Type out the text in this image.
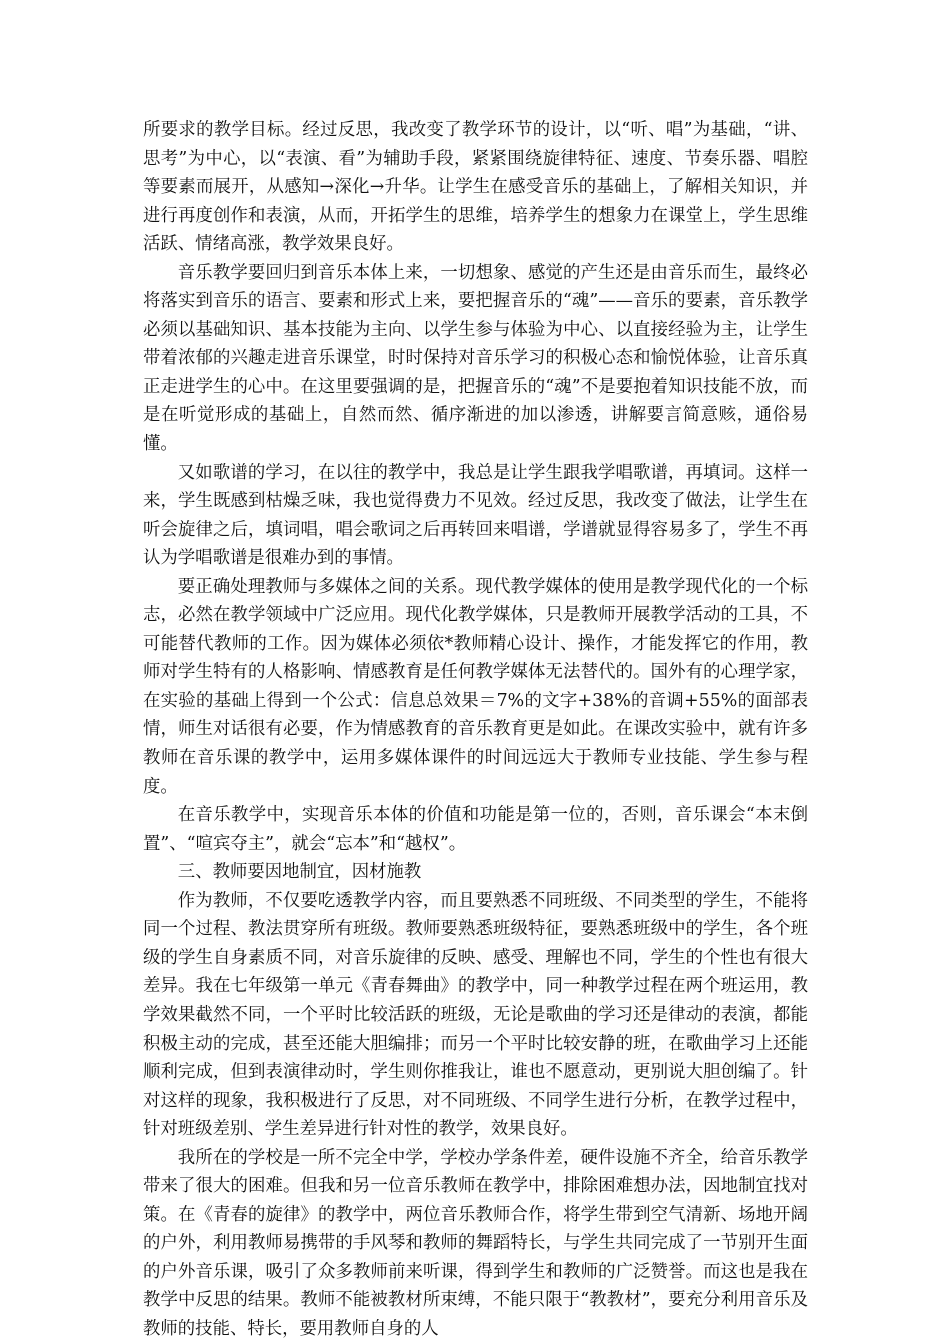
所要求的教学目标。经过反思，我改变了教学环节的设计，以“听、唱”为基础，“讲、思考”为中心，以“表演、看”为辅助手段，紧紧围绕旋律特征、速度、节奏乐器、唱腔等要素而展开，从感知→深化→升华。让学生在感受音乐的基础上，了解相关知识，并进行再度创作和表演，从而，开拓学生的思维，培养学生的想象力在课堂上，学生思维活跃、情绪高涨，教学效果良好。

音乐教学要回归到音乐本体上来，一切想象、感觉的产生还是由音乐而生，最终必将落实到音乐的语言、要素和形式上来，要把握音乐的“魂”——音乐的要素，音乐教学必须以基础知识、基本技能为主向、以学生参与体验为中心、以直接经验为主，让学生带着浓郁的兴趣走进音乐课堂，时时保持对音乐学习的积极心态和愉悦体验，让音乐真正走进学生的心中。在这里要强调的是，把握音乐的“魂”不是要抱着知识技能不放，而是在听觉形成的基础上，自然而然、循序渐进的加以渗透，讲解要言简意赅，通俗易懂。

又如歌谱的学习，在以往的教学中，我总是让学生跟我学唱歌谱，再填词。这样一来，学生既感到枯燥乏味，我也觉得费力不见效。经过反思，我改变了做法，让学生在听会旋律之后，填词唱，唱会歌词之后再转回来唱谱，学谱就显得容易多了，学生不再认为学唱歌谱是很难办到的事情。

要正确处理教师与多媒体之间的关系。现代教学媒体的使用是教学现代化的一个标志，必然在教学领域中广泛应用。现代化教学媒体，只是教师开展教学活动的工具，不可能替代教师的工作。因为媒体必须依*教师精心设计、操作，才能发挥它的作用，教师对学生特有的人格影响、情感教育是任何教学媒体无法替代的。国外有的心理学家，在实验的基础上得到一个公式：信息总效果＝7%的文字+38%的音调+55%的面部表情，师生对话很有必要，作为情感教育的音乐教育更是如此。在课改实验中，就有许多教师在音乐课的教学中，运用多媒体课件的时间远远大于教师专业技能、学生参与程度。

在音乐教学中，实现音乐本体的价值和功能是第一位的，否则，音乐课会“本末倒置”、“喧宾夺主”，就会“忘本”和“越权”。

三、教师要因地制宜，因材施教

作为教师，不仅要吃透教学内容，而且要熟悉不同班级、不同类型的学生，不能将同一个过程、教法贯穿所有班级。教师要熟悉班级特征，要熟悉班级中的学生，各个班级的学生自身素质不同，对音乐旋律的反映、感受、理解也不同，学生的个性也有很大差异。我在七年级第一单元《青春舞曲》的教学中，同一种教学过程在两个班运用，教学效果截然不同，一个平时比较活跃的班级，无论是歌曲的学习还是律动的表演，都能积极主动的完成，甚至还能大胆编排；而另一个平时比较安静的班，在歌曲学习上还能顺利完成，但到表演律动时，学生则你推我让，谁也不愿意动，更别说大胆创编了。针对这样的现象，我积极进行了反思，对不同班级、不同学生进行分析，在教学过程中，针对班级差别、学生差异进行针对性的教学，效果良好。

我所在的学校是一所不完全中学，学校办学条件差，硬件设施不齐全，给音乐教学带来了很大的困难。但我和另一位音乐教师在教学中，排除困难想办法，因地制宜找对策。在《青春的旋律》的教学中，两位音乐教师合作，将学生带到空气清新、场地开阔的户外，利用教师易携带的手风琴和教师的舞蹈特长，与学生共同完成了一节别开生面的户外音乐课，吸引了众多教师前来听课，得到学生和教师的广泛赞誉。而这也是我在教学中反思的结果。教师不能被教材所束缚，不能只限于“教教材”，要充分利用音乐及教师的技能、特长，要用教师自身的人
